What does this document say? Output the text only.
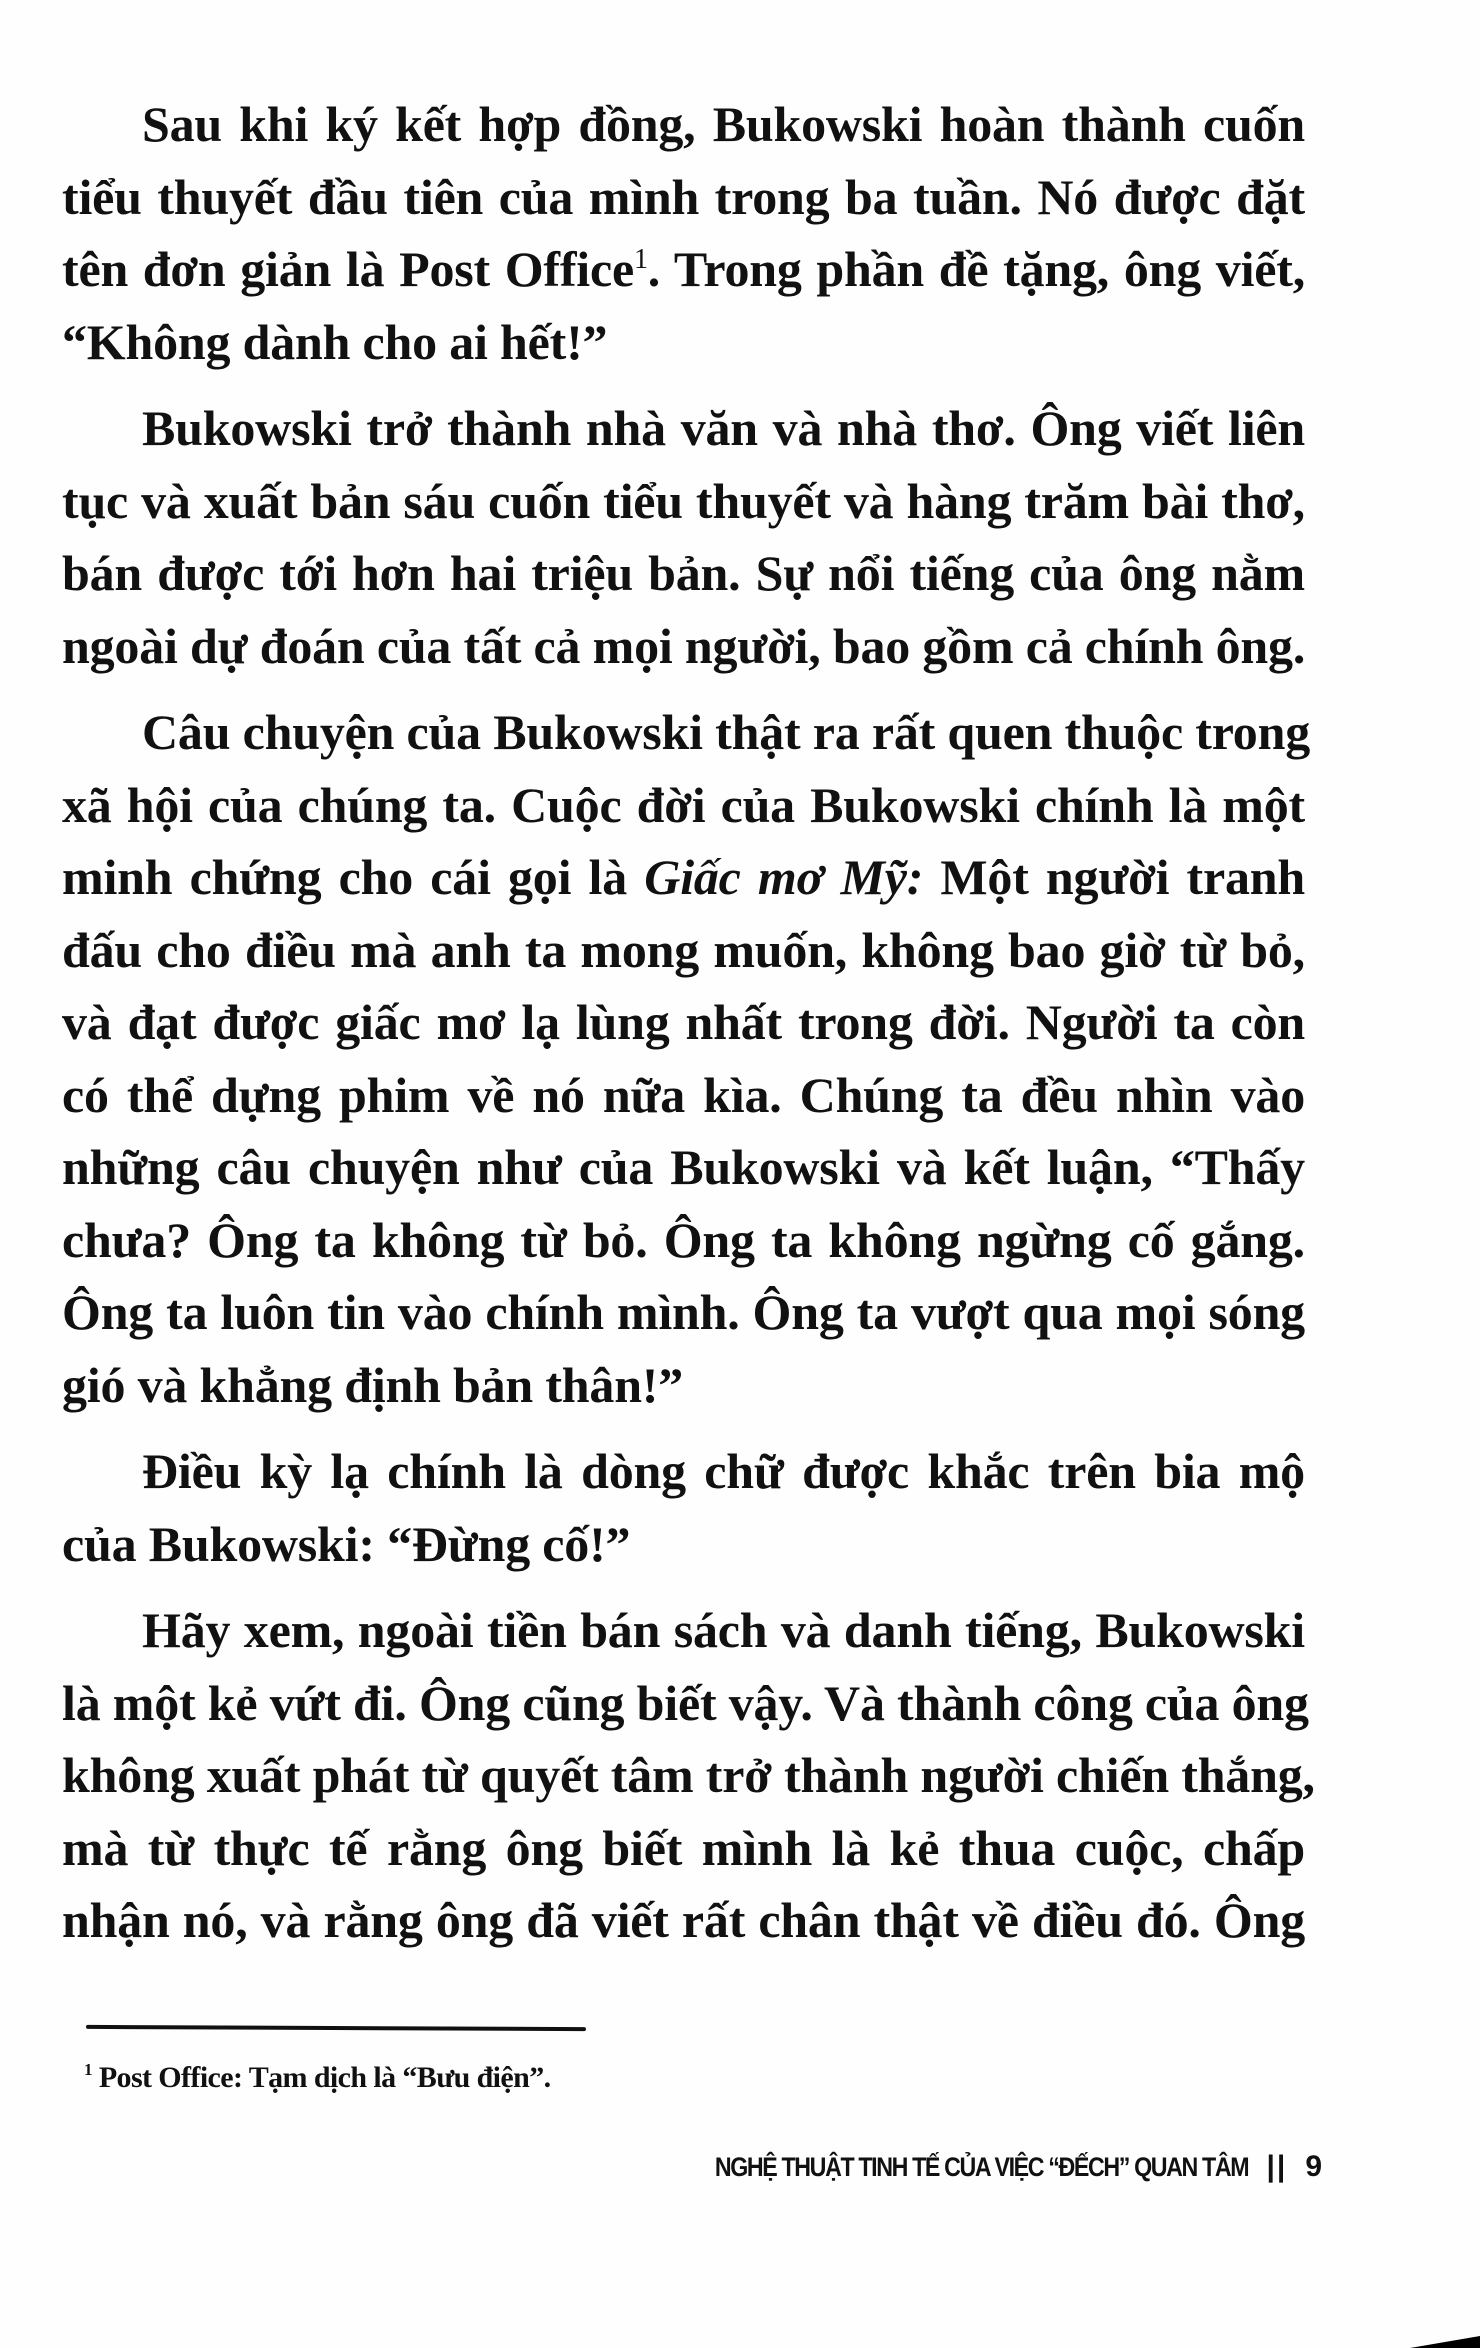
Sau khi ký kết hợp đồng, Bukowski hoàn thành cuốn
tiểu thuyết đầu tiên của mình trong ba tuần. Nó được đặt
tên đơn giản là Post Office$^1$. Trong phần đề tặng, ông viết,
“Không dành cho ai hết!”
Bukowski trở thành nhà văn và nhà thơ. Ông viết liên
tục và xuất bản sáu cuốn tiểu thuyết và hàng trăm bài thơ,
bán được tới hơn hai triệu bản. Sự nổi tiếng của ông nằm
ngoài dự đoán của tất cả mọi người, bao gồm cả chính ông.
Câu chuyện của Bukowski thật ra rất quen thuộc trong
xã hội của chúng ta. Cuộc đời của Bukowski chính là một
minh chứng cho cái gọi là Giấc mơ Mỹ: Một người tranh
đấu cho điều mà anh ta mong muốn, không bao giờ từ bỏ,
và đạt được giấc mơ lạ lùng nhất trong đời. Người ta còn
có thể dựng phim về nó nữa kìa. Chúng ta đều nhìn vào
những câu chuyện như của Bukowski và kết luận, “Thấy
chưa? Ông ta không từ bỏ. Ông ta không ngừng cố gắng.
Ông ta luôn tin vào chính mình. Ông ta vượt qua mọi sóng
gió và khẳng định bản thân!”
Điều kỳ lạ chính là dòng chữ được khắc trên bia mộ
của Bukowski: “Đừng cố!”
Hãy xem, ngoài tiền bán sách và danh tiếng, Bukowski
là một kẻ vứt đi. Ông cũng biết vậy. Và thành công của ông
không xuất phát từ quyết tâm trở thành người chiến thắng,
mà từ thực tế rằng ông biết mình là kẻ thua cuộc, chấp
nhận nó, và rằng ông đã viết rất chân thật về điều đó. Ông
$^1$ Post Office: Tạm dịch là “Bưu điện”.
NGHỆ THUẬT TINH TẾ CỦA VIỆC “ĐẾCH” QUAN TÂM || 9
